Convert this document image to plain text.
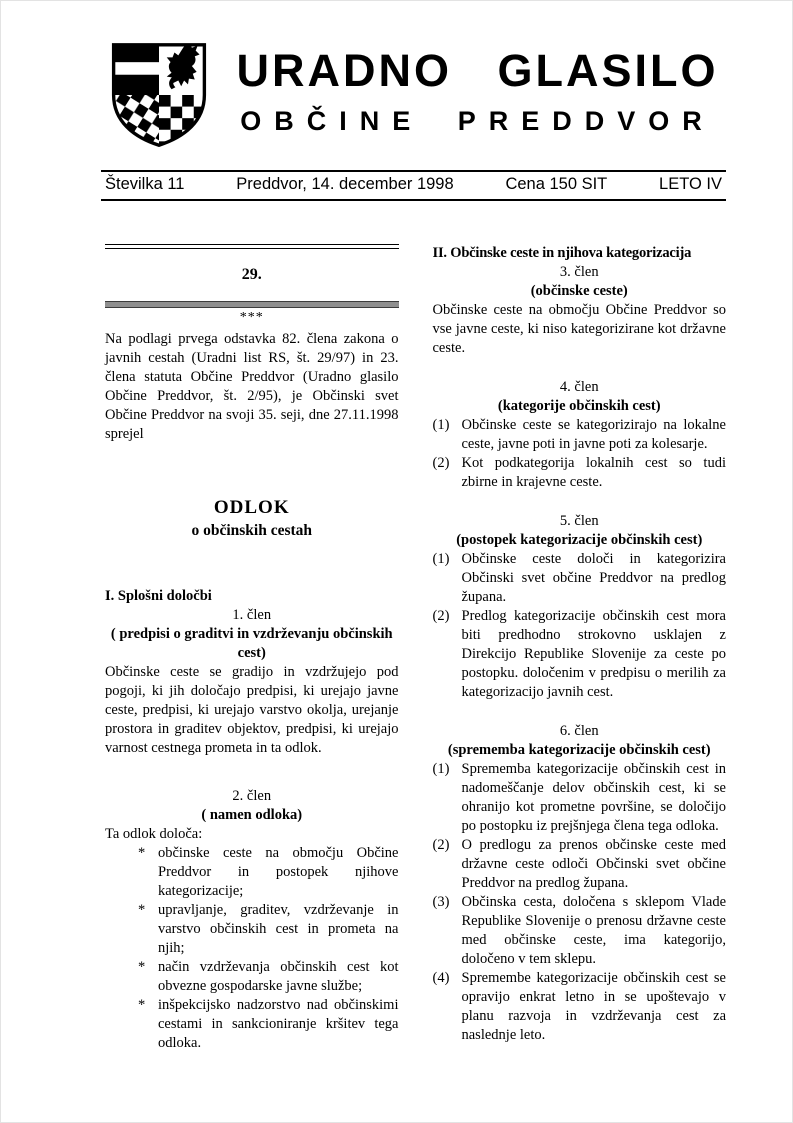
URADNO GLASILO
OBČINE PREDDVOR
Številka 11	Preddvor, 14. december 1998	Cena 150 SIT	LETO IV
29.
***

Na podlagi prvega odstavka 82. člena zakona o javnih cestah (Uradni list RS, št. 29/97) in 23. člena statuta Občine Preddvor (Uradno glasilo Občine Preddvor, št. 2/95), je Občinski svet Občine Preddvor na svoji 35. seji, dne 27.11.1998 sprejel

ODLOK
o občinskih cestah
I. Splošni določbi
1. člen
( predpisi o graditvi in vzdrževanju občinskih cest)

Občinske ceste se gradijo in vzdržujejo pod pogoji, ki jih določajo predpisi, ki urejajo javne ceste, predpisi, ki urejajo varstvo okolja, urejanje prostora in graditev objektov, predpisi, ki urejajo varnost cestnega prometa in ta odlok.

2. člen
( namen odloka)

Ta odlok določa:

* občinske ceste na območju Občine Preddvor in postopek njihove kategorizacije;
* upravljanje, graditev, vzdrževanje in varstvo občinskih cest in prometa na njih;
* način vzdrževanja občinskih cest kot obvezne gospodarske javne službe;
* inšpekcijsko nadzorstvo nad občinskimi cestami in sankcioniranje kršitev tega odloka.
II. Občinske ceste in njihova kategorizacija
3. člen
(občinske ceste)

Občinske ceste na območju Občine Preddvor so vse javne ceste, ki niso kategorizirane kot državne ceste.

4. člen
(kategorije občinskih cest)
(1) Občinske ceste se kategorizirajo na lokalne ceste, javne poti in javne poti za kolesarje.
(2) Kot podkategorija lokalnih cest so tudi zbirne in krajevne ceste.
5. člen
(postopek kategorizacije občinskih cest)
(1) Občinske ceste določi in kategorizira Občinski svet občine Preddvor na predlog župana.
(2) Predlog kategorizacije občinskih cest mora biti predhodno strokovno usklajen z Direkcijo Republike Slovenije za ceste po postopku. določenim v predpisu o merilih za kategorizacijo javnih cest.
6. člen
(sprememba kategorizacije občinskih cest)
(1) Sprememba kategorizacije občinskih cest in nadomeščanje delov občinskih cest, ki se ohranijo kot prometne površine, se določijo po postopku iz prejšnjega člena tega odloka.
(2) O predlogu za prenos občinske ceste med državne ceste odloči Občinski svet občine Preddvor na predlog župana.
(3) Občinska cesta, določena s sklepom Vlade Republike Slovenije o prenosu državne ceste med občinske ceste, ima kategorijo, določeno v tem sklepu.
(4) Spremembe kategorizacije občinskih cest se opravijo enkrat letno in se upoštevajo v planu razvoja in vzdrževanja cest za naslednje leto.
